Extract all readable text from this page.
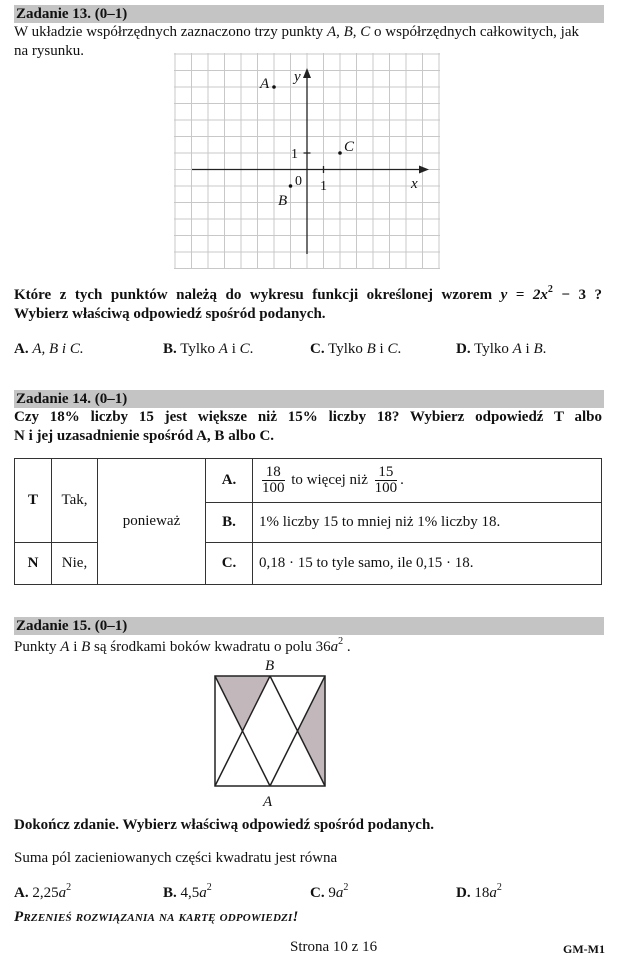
Zadanie 13. (0–1)
W układzie współrzędnych zaznaczono trzy punkty A, B, C o współrzędnych całkowitych, jak
na rysunku.
A
B
C
y
x
1
0 1
Które z tych punktów należą do wykresu funkcji określonej wzorem $y = 2x^2 - 3$ ?
Wybierz właściwą odpowiedź spośród podanych.
A. A, B i C.	B. Tylko A i C.	C. Tylko B i C.	D. Tylko A i B.
Zadanie 14. (0–1)
Czy 18% liczby 15 jest większe niż 15% liczby 18? Wybierz odpowiedź T albo
N i jej uzasadnienie spośród A, B albo C.
T	Tak,	ponieważ	A.	$\frac{18}{100}$ to więcej niż $\frac{15}{100}$ .
			B.	1% liczby 15 to mniej niż 1% liczby 18.
N	Nie,		C.	0,18 · 15 to tyle samo, ile 0,15 · 18.
Zadanie 15. (0–1)
Punkty A i B są środkami boków kwadratu o polu $36a^2$ .
B
A
Dokończ zdanie. Wybierz właściwą odpowiedź spośród podanych.
Suma pól zacieniowanych części kwadratu jest równa
A. $2,25a^2$	B. $4,5a^2$	C. $9a^2$	D. $18a^2$
Przenieś rozwiązania na kartę odpowiedzi!
Strona 10 z 16	GM-M1
